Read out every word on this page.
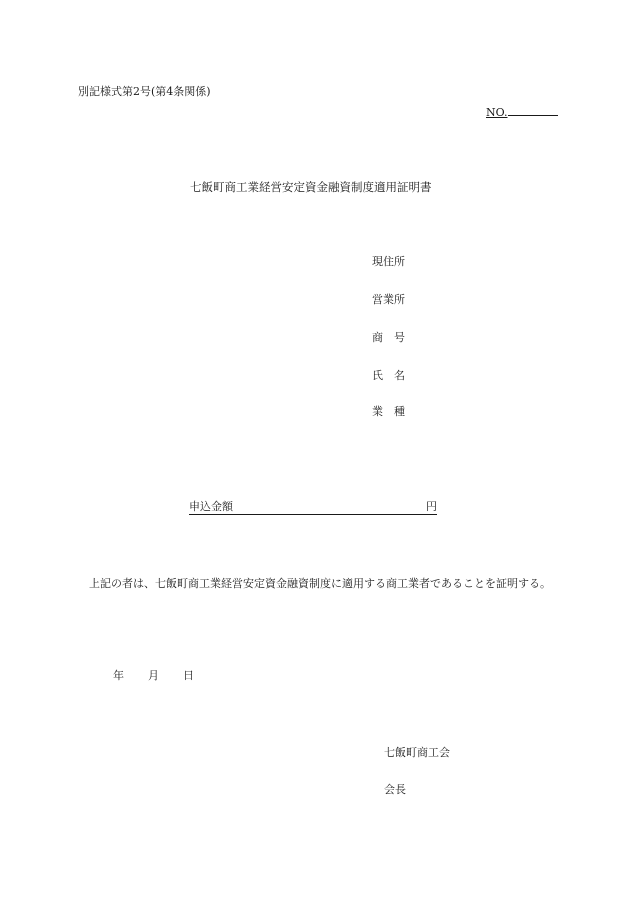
別記様式第2号(第4条関係)
NO.
七飯町商工業経営安定資金融資制度適用証明書
現住所
営業所
商　号
氏　名
業　種
申込金額	円
上記の者は、七飯町商工業経営安定資金融資制度に適用する商工業者であることを証明する。
年 月 日
七飯町商工会
会長
